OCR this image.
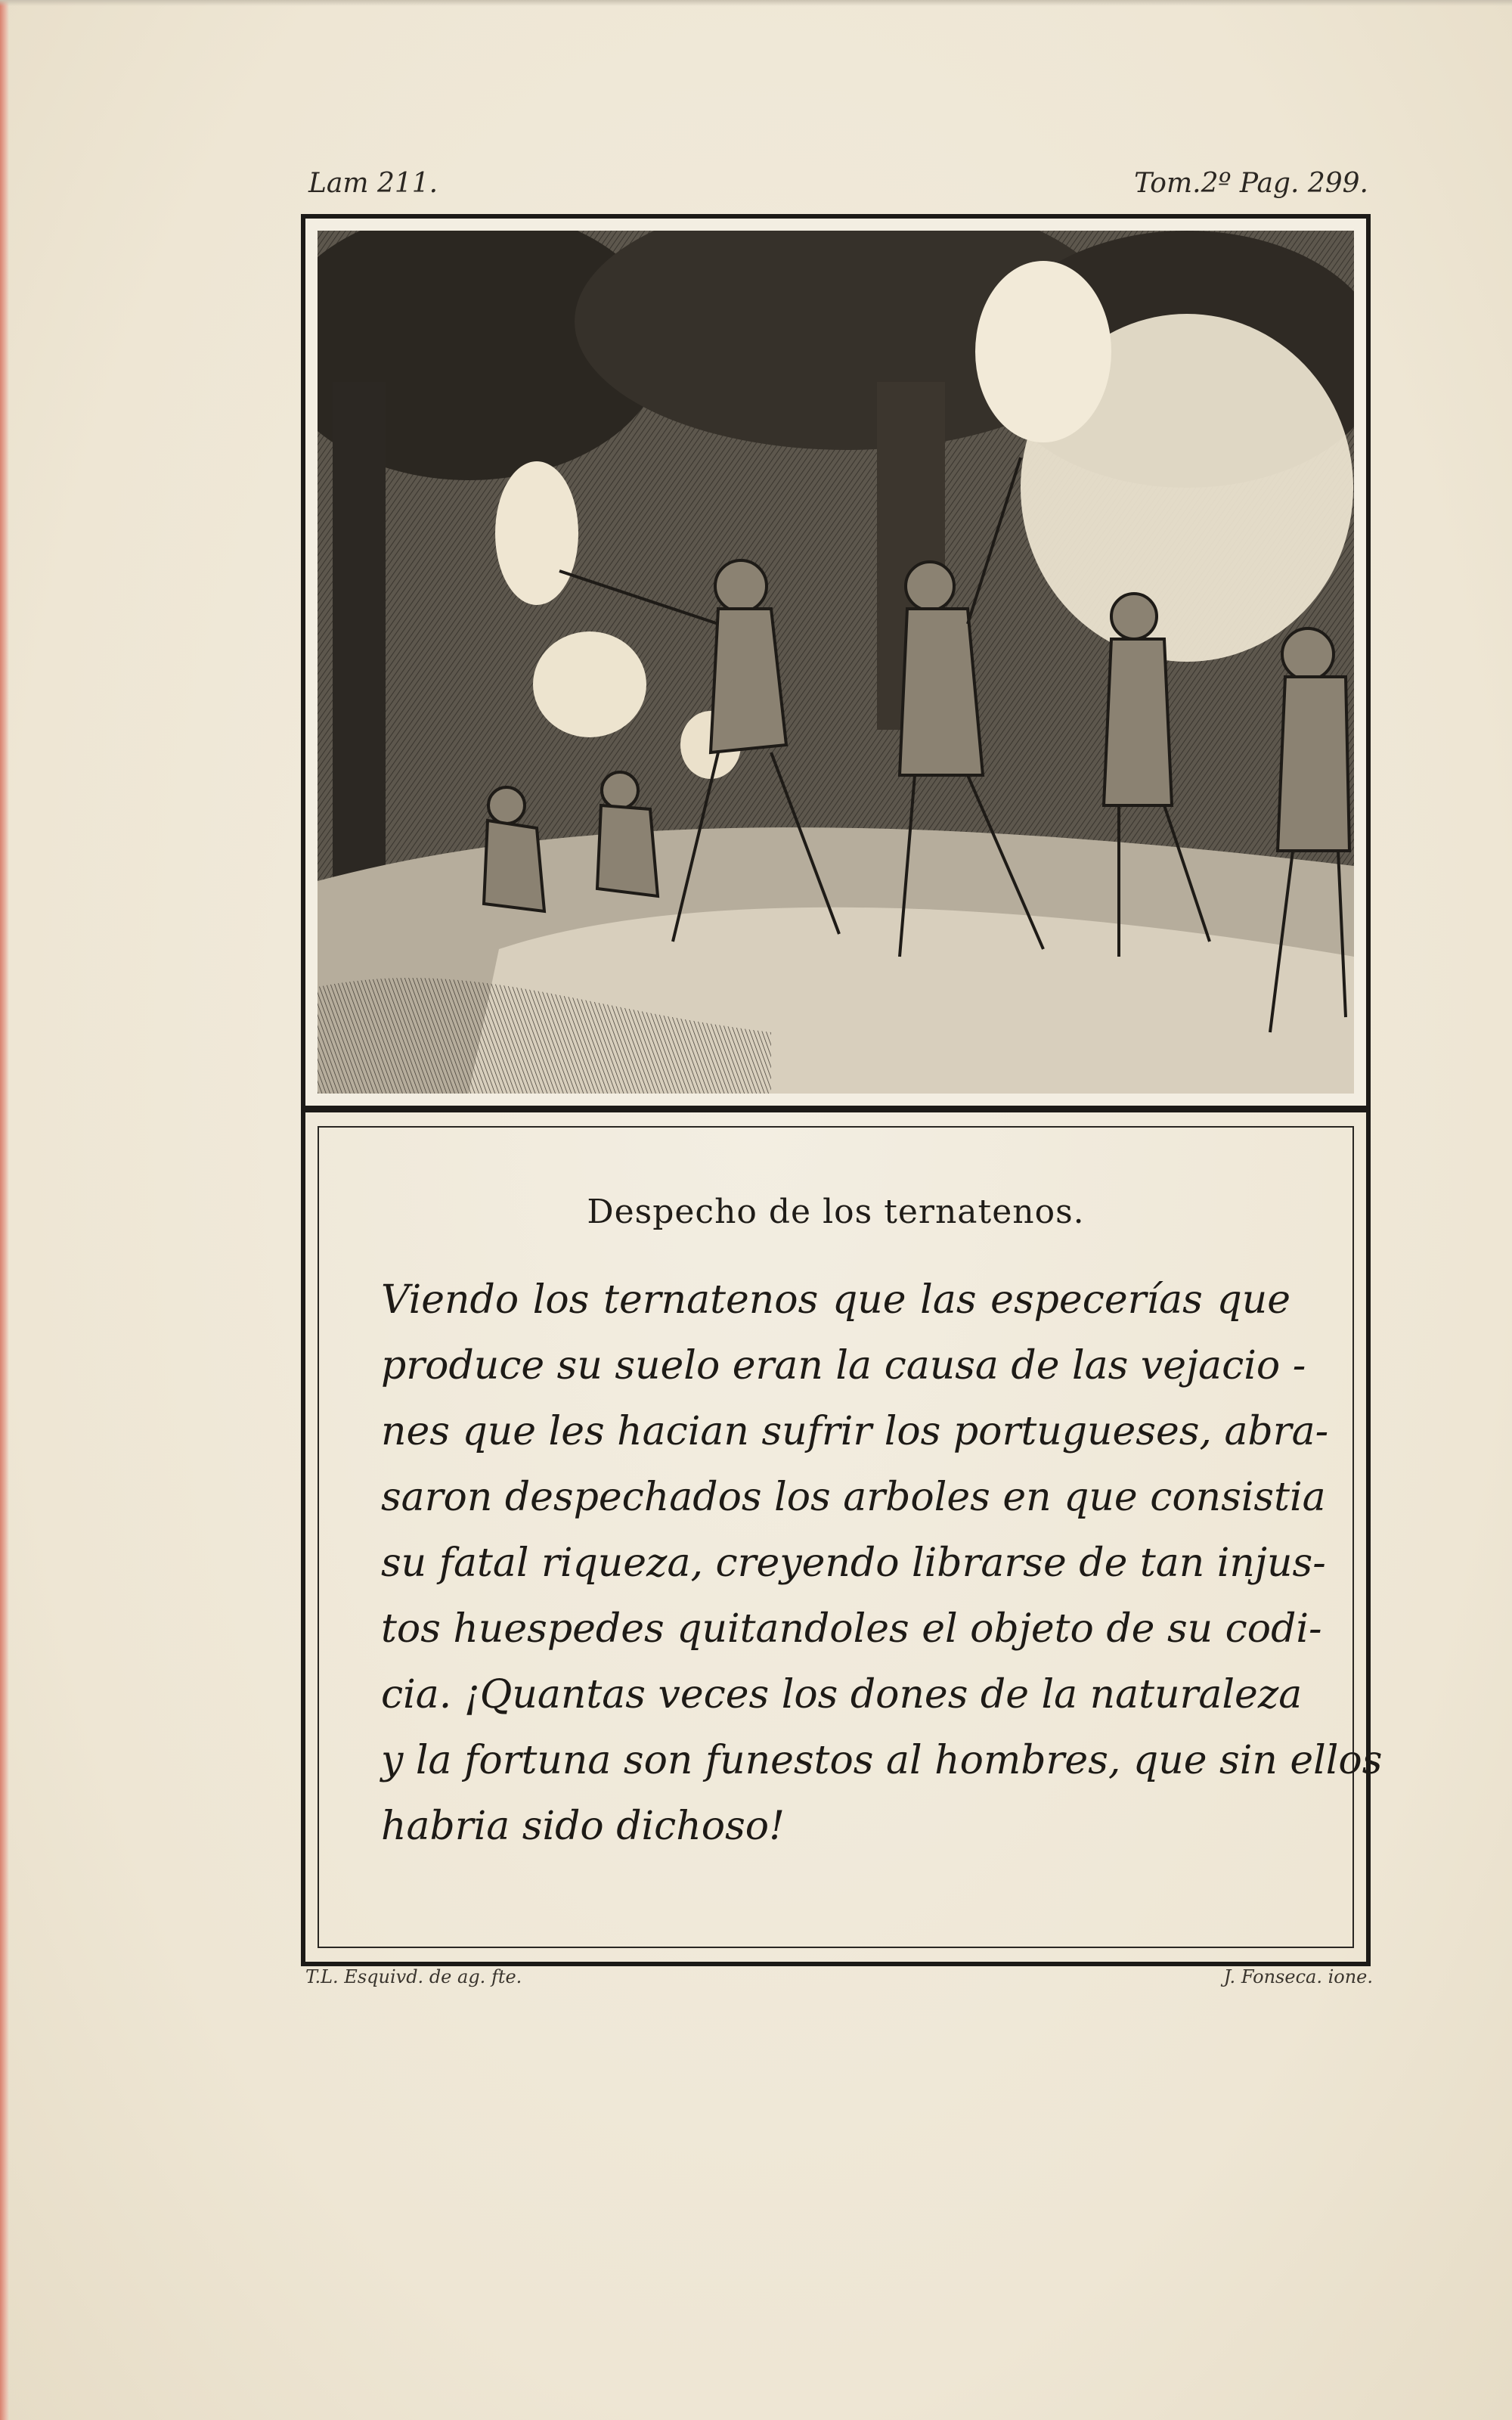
Lam 211.	Tom.2º Pag. 299.
Despecho de los ternatenos.
Viendo los ternatenos que las especerías que
produce su suelo eran la causa de las vejacio -
nes que les hacian sufrir los portugueses, abra-
saron despechados los arboles en que consistia
su fatal riqueza, creyendo librarse de tan injus-
tos huespedes quitandoles el objeto de su codi-
cia. ¡Quantas veces los dones de la naturaleza
y la fortuna son funestos al hombres, que sin ellos
habria sido dichoso!
T.L. Esquivd. de ag. fte.	J. Fonseca. ione.
